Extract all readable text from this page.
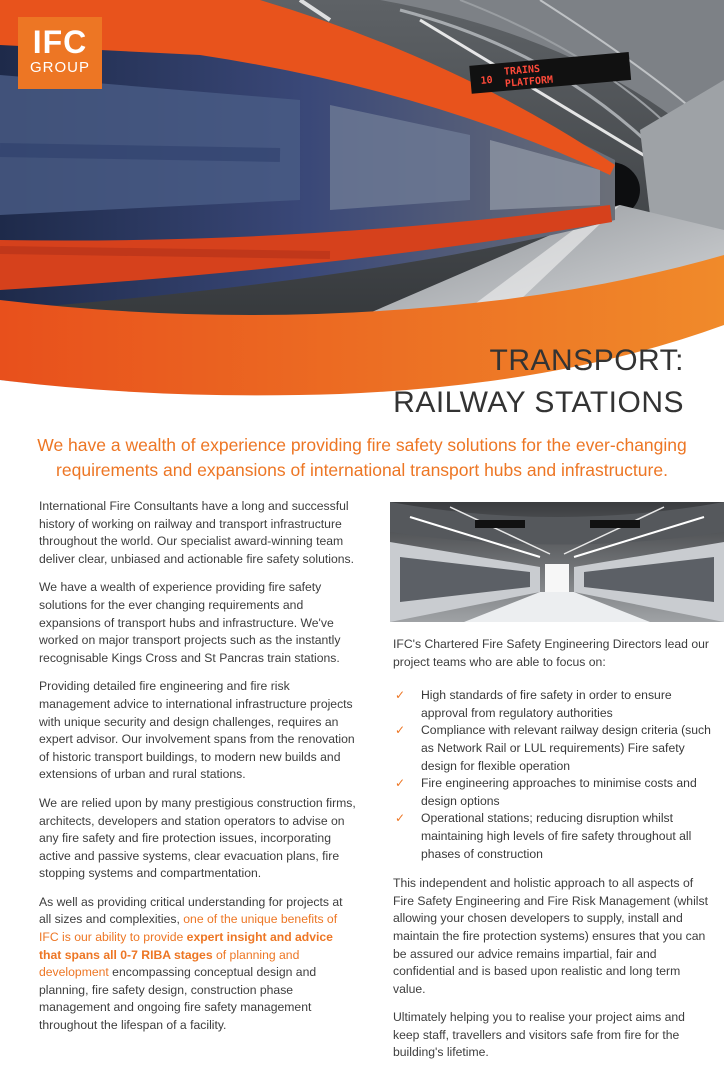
10
TRAINS
PLATFORM
IFC
GROUP
TRANSPORT:
RAILWAY STATIONS
We have a wealth of experience providing fire safety solutions for the ever-changing
requirements and expansions of international transport hubs and infrastructure.

International Fire Consultants have a long and successful history of working on railway and transport infrastructure throughout the world. Our specialist award-winning team deliver clear, unbiased and actionable fire safety solutions.

We have a wealth of experience providing fire safety solutions for the ever changing requirements and expansions of transport hubs and infrastructure. We've worked on major transport projects such as the instantly recognisable Kings Cross and St Pancras train stations.

Providing detailed fire engineering and fire risk management advice to international infrastructure projects with unique security and design challenges, requires an expert advisor. Our involvement spans from the renovation of historic transport buildings, to modern new builds and extensions of urban and rural stations.

We are relied upon by many prestigious construction firms, architects, developers and station operators to advise on any fire safety and fire protection issues, incorporating active and passive systems, clear evacuation plans, fire stopping systems and compartmentation.

As well as providing critical understanding for projects at all sizes and complexities, one of the unique benefits of IFC is our ability to provide expert insight and advice that spans all 0-7 RIBA stages of planning and development encompassing conceptual design and planning, fire safety design, construction phase management and ongoing fire safety management throughout the lifespan of a facility.

IFC's Chartered Fire Safety Engineering Directors lead our project teams who are able to focus on:

✓ High standards of fire safety in order to ensure approval from regulatory authorities
✓ Compliance with relevant railway design criteria (such as Network Rail or LUL requirements) Fire safety design for flexible operation
✓ Fire engineering approaches to minimise costs and design options
✓ Operational stations; reducing disruption whilst maintaining high levels of fire safety throughout all phases of construction

This independent and holistic approach to all aspects of Fire Safety Engineering and Fire Risk Management (whilst allowing your chosen developers to supply, install and maintain the fire protection systems) ensures that you can be assured our advice remains impartial, fair and confidential and is based upon realistic and long term value.

Ultimately helping you to realise your project aims and keep staff, travellers and visitors safe from fire for the building's lifetime.
